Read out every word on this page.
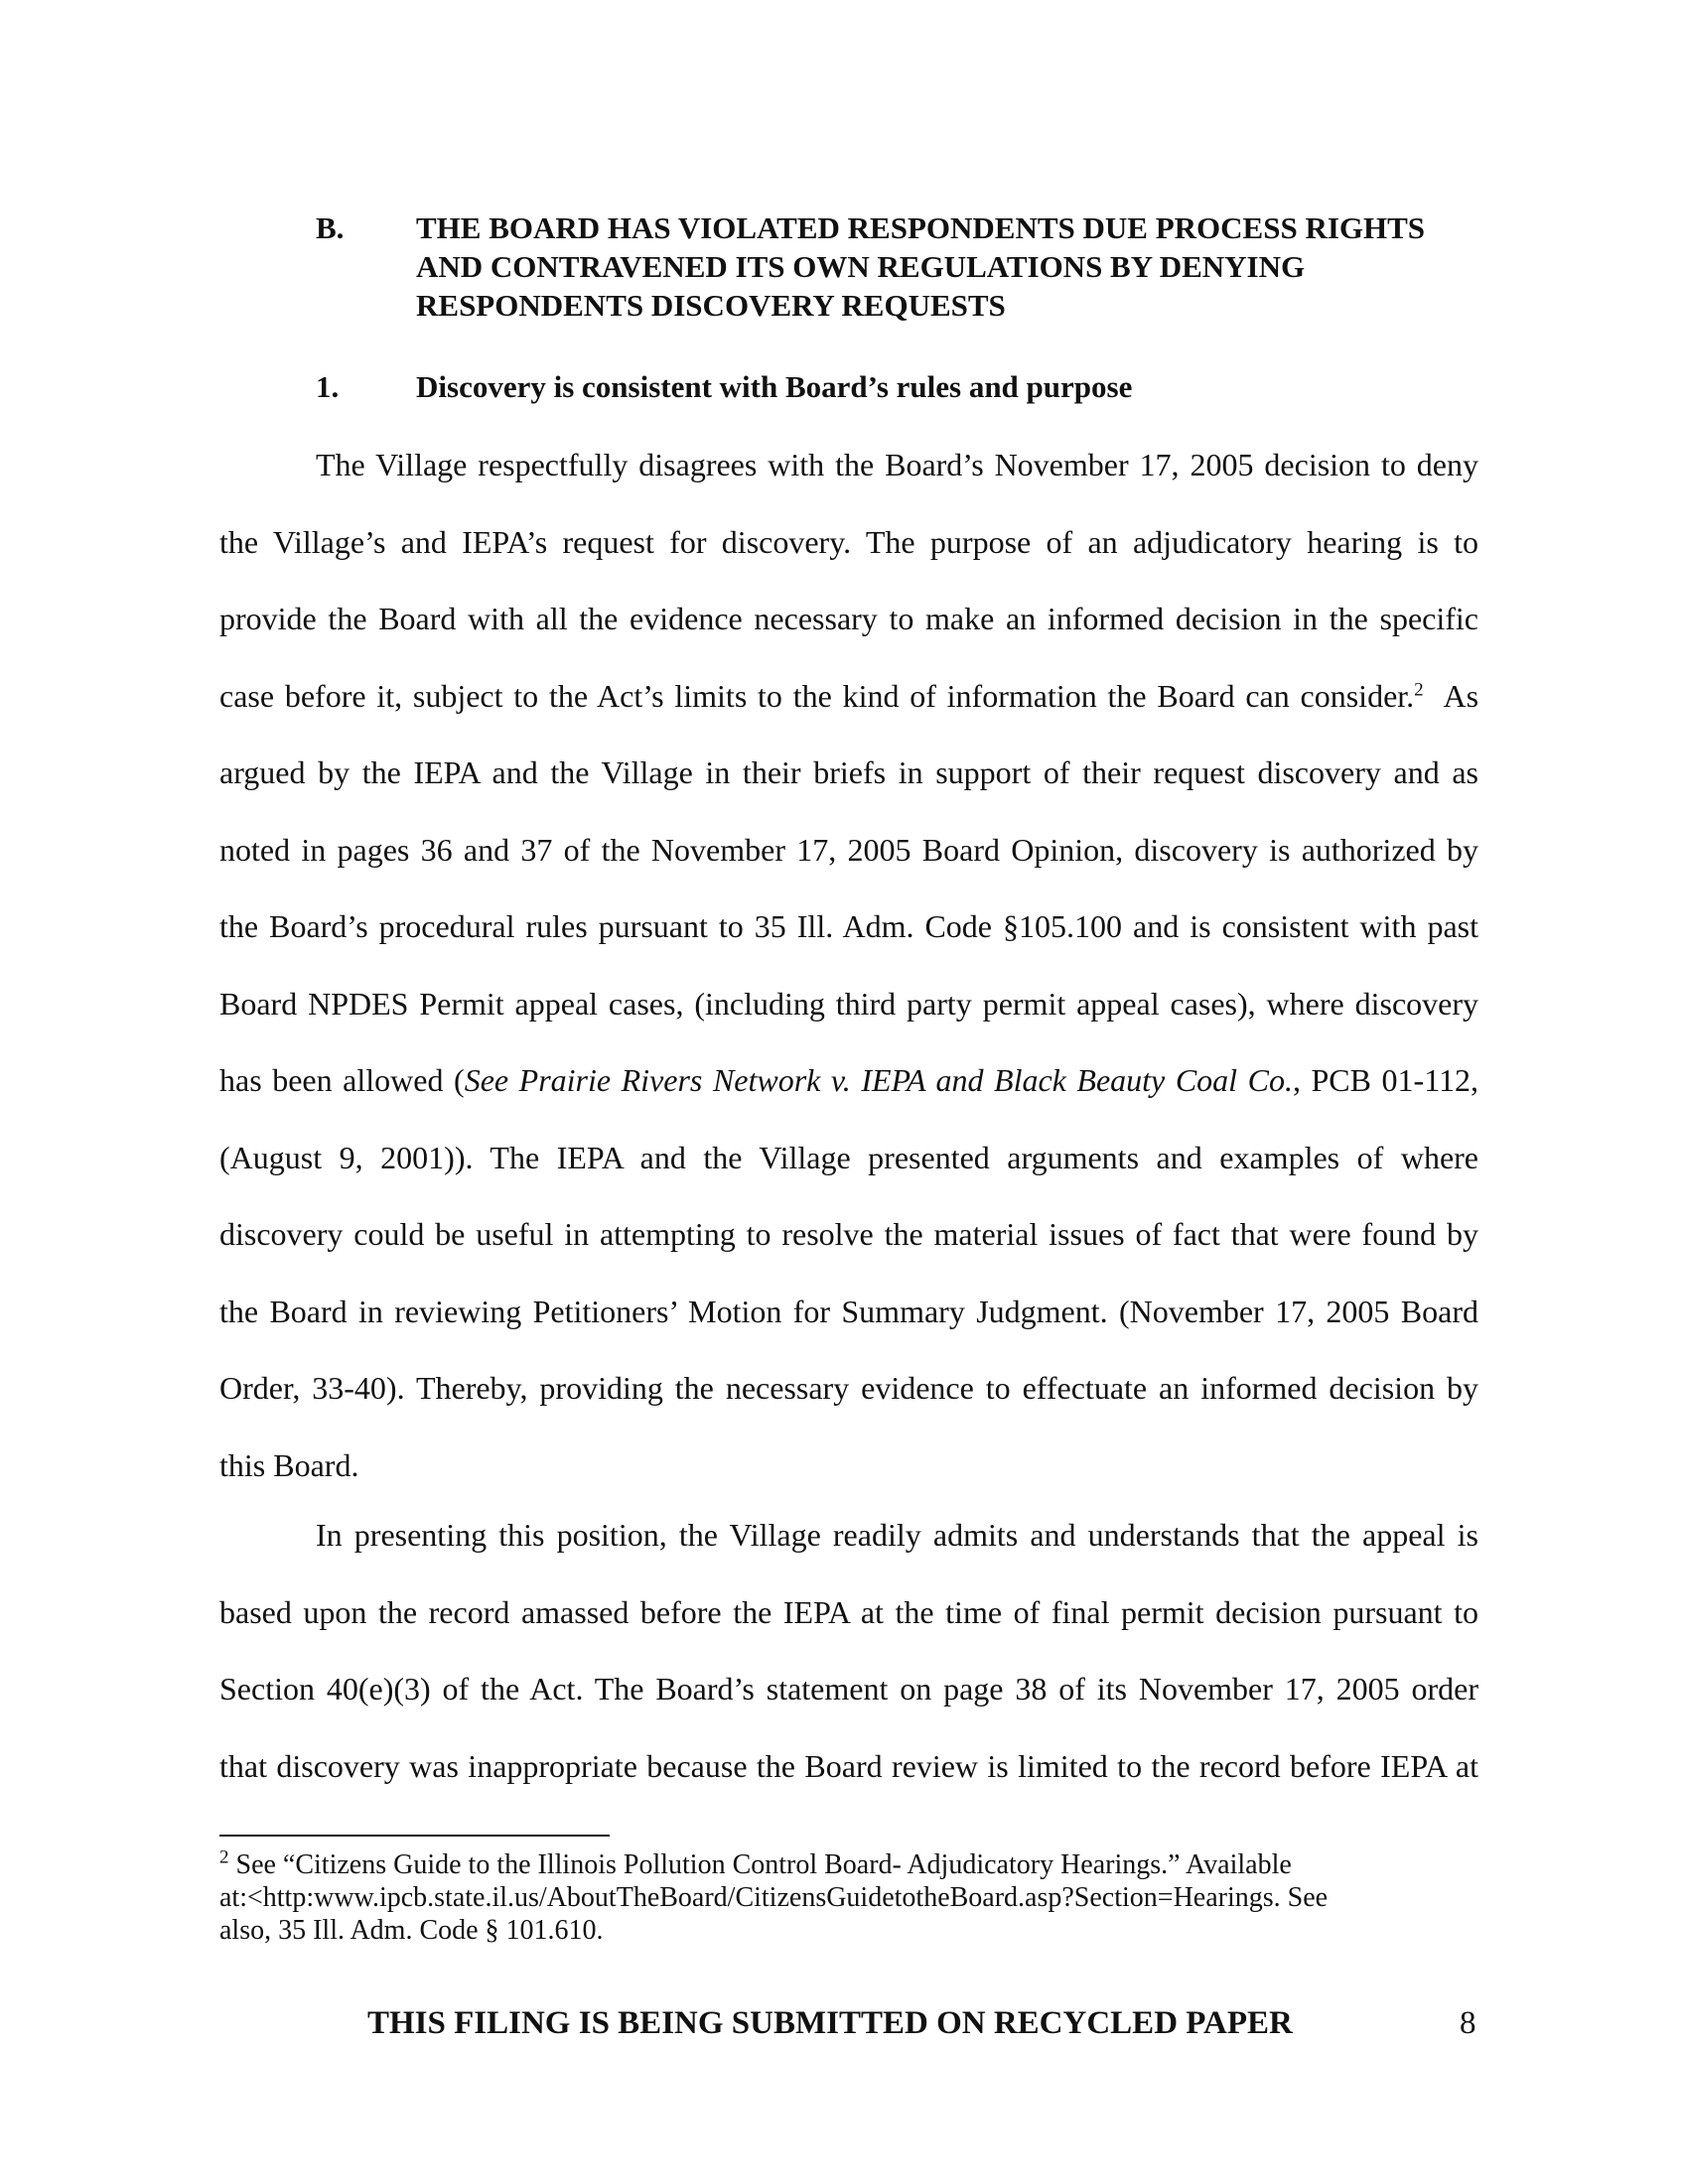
B. THE BOARD HAS VIOLATED RESPONDENTS DUE PROCESS RIGHTS
AND CONTRAVENED ITS OWN REGULATIONS BY DENYING
RESPONDENTS DISCOVERY REQUESTS
1.	Discovery is consistent with Board’s rules and purpose
The Village respectfully disagrees with the Board’s November 17, 2005 decision to deny
the Village’s and IEPA’s request for discovery. The purpose of an adjudicatory hearing is to
provide the Board with all the evidence necessary to make an informed decision in the specific
case before it, subject to the Act’s limits to the kind of information the Board can consider.$^2$ As
argued by the IEPA and the Village in their briefs in support of their request discovery and as
noted in pages 36 and 37 of the November 17, 2005 Board Opinion, discovery is authorized by
the Board’s procedural rules pursuant to 35 Ill. Adm. Code §105.100 and is consistent with past
Board NPDES Permit appeal cases, (including third party permit appeal cases), where discovery
has been allowed (See Prairie Rivers Network v. IEPA and Black Beauty Coal Co., PCB 01-112,
(August 9, 2001)). The IEPA and the Village presented arguments and examples of where
discovery could be useful in attempting to resolve the material issues of fact that were found by
the Board in reviewing Petitioners’ Motion for Summary Judgment. (November 17, 2005 Board
Order, 33-40). Thereby, providing the necessary evidence to effectuate an informed decision by
this Board.
In presenting this position, the Village readily admits and understands that the appeal is
based upon the record amassed before the IEPA at the time of final permit decision pursuant to
Section 40(e)(3) of the Act. The Board’s statement on page 38 of its November 17, 2005 order
that discovery was inappropriate because the Board review is limited to the record before IEPA at
$^2$ See “Citizens Guide to the Illinois Pollution Control Board- Adjudicatory Hearings.” Available
at:<http:www.ipcb.state.il.us/AboutTheBoard/CitizensGuidetotheBoard.asp?Section=Hearings. See
also, 35 Ill. Adm. Code § 101.610.
THIS FILING IS BEING SUBMITTED ON RECYCLED PAPER	8
